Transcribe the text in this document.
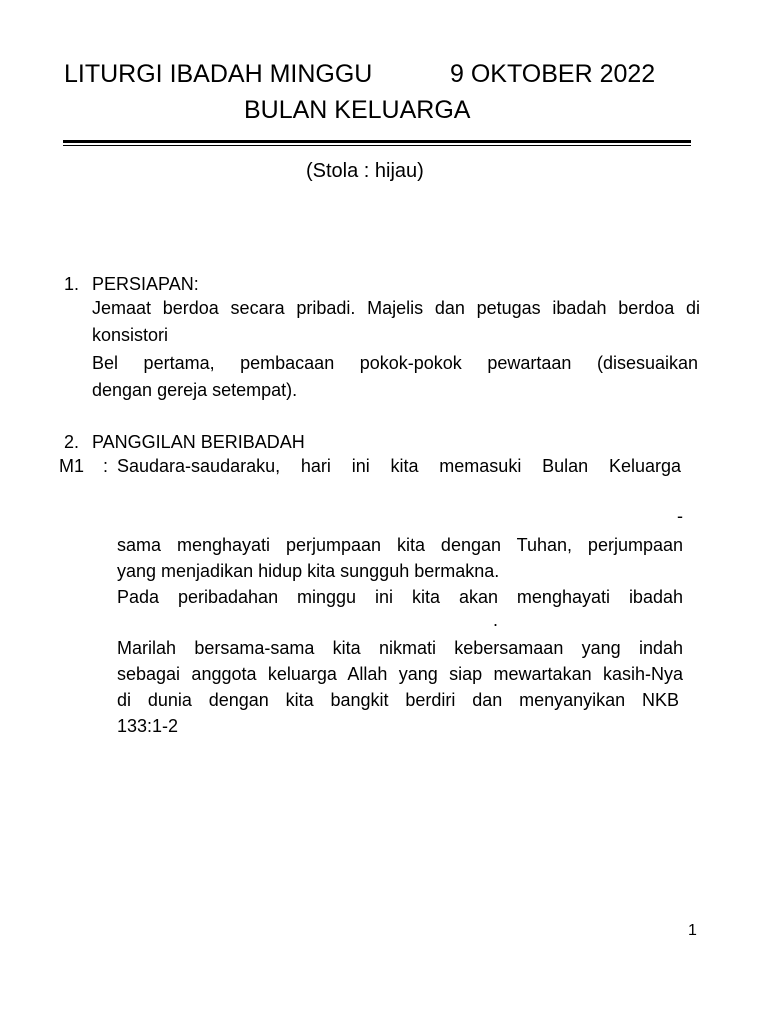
LITURGI IBADAH MINGGU	9 OKTOBER 2022
BULAN KELUARGA
(Stola : hijau)
1. PERSIAPAN:
Jemaat berdoa secara pribadi. Majelis dan petugas ibadah berdoa di
konsistori
Bel pertama, pembacaan pokok-pokok pewartaan (disesuaikan
dengan gereja setempat).
2. PANGGILAN BERIBADAH
M1 : Saudara-saudaraku, hari ini kita memasuki Bulan Keluarga
-
sama menghayati perjumpaan kita dengan Tuhan, perjumpaan
yang menjadikan hidup kita sungguh bermakna.
Pada peribadahan minggu ini kita akan menghayati ibadah
.
Marilah bersama-sama kita nikmati kebersamaan yang indah
sebagai anggota keluarga Allah yang siap mewartakan kasih-Nya
di dunia dengan kita bangkit berdiri dan menyanyikan NKB
133:1-2
1
